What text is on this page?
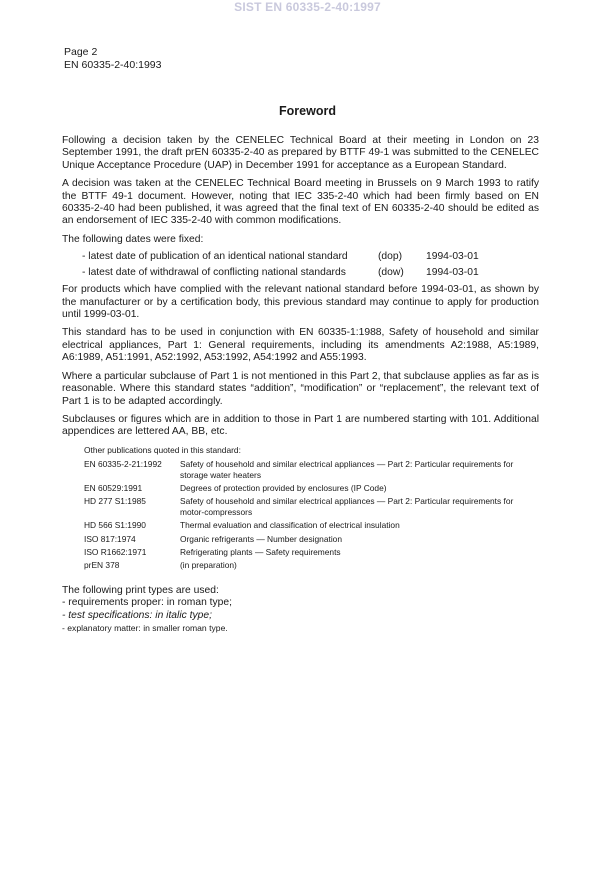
SIST EN 60335-2-40:1997
Page 2
EN 60335-2-40:1993
Foreword

Following a decision taken by the CENELEC Technical Board at their meeting in London on 23 September 1991, the draft prEN 60335-2-40 as prepared by BTTF 49-1 was submitted to the CENELEC Unique Acceptance Procedure (UAP) in December 1991 for acceptance as a European Standard.

A decision was taken at the CENELEC Technical Board meeting in Brussels on 9 March 1993 to ratify the BTTF 49-1 document. However, noting that IEC 335-2-40 which had been firmly based on EN 60335-2-40 had been published, it was agreed that the final text of EN 60335-2-40 should be edited as an endorsement of IEC 335-2-40 with common modifications.

The following dates were fixed:

- latest date of publication of an identical national standard	(dop)	1994-03-01
- latest date of withdrawal of conflicting national standards	(dow)	1994-03-01

For products which have complied with the relevant national standard before 1994-03-01, as shown by the manufacturer or by a certification body, this previous standard may continue to apply for production until 1999-03-01.

This standard has to be used in conjunction with EN 60335-1:1988, Safety of household and similar electrical appliances, Part 1: General requirements, including its amendments A2:1988, A5:1989, A6:1989, A51:1991, A52:1992, A53:1992, A54:1992 and A55:1993.

Where a particular subclause of Part 1 is not mentioned in this Part 2, that subclause applies as far as is reasonable. Where this standard states “addition”, “modification” or “replacement”, the relevant text of Part 1 is to be adapted accordingly.

Subclauses or figures which are in addition to those in Part 1 are numbered starting with 101. Additional appendices are lettered AA, BB, etc.

Other publications quoted in this standard:
EN 60335-2-21:1992	Safety of household and similar electrical appliances — Part 2: Particular requirements for storage water heaters
EN 60529:1991	Degrees of protection provided by enclosures (IP Code)
HD 277 S1:1985	Safety of household and similar electrical appliances — Part 2: Particular requirements for motor-compressors
HD 566 S1:1990	Thermal evaluation and classification of electrical insulation
ISO 817:1974	Organic refrigerants — Number designation
ISO R1662:1971	Refrigerating plants — Safety requirements
prEN 378	(in preparation)
The following print types are used:
- requirements proper: in roman type;
- test specifications: in italic type;
- explanatory matter: in smaller roman type.
